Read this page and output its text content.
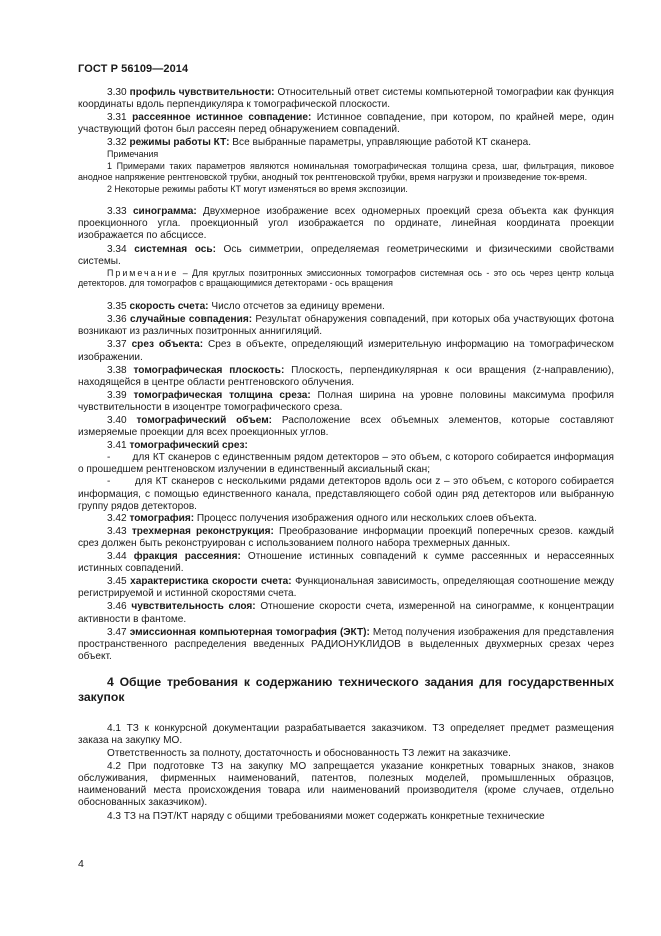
ГОСТ Р 56109—2014

3.30 профиль чувствительности: Относительный ответ системы компьютерной томографии как функция координаты вдоль перпендикуляра к томографической плоскости.

3.31 рассеянное истинное совпадение: Истинное совпадение, при котором, по крайней мере, один участвующий фотон был рассеян перед обнаружением совпадений.

3.32 режимы работы КТ: Все выбранные параметры, управляющие работой КТ сканера.

Примечания

1 Примерами таких параметров являются номинальная томографическая толщина среза, шаг, фильтрация, пиковое анодное напряжение рентгеновской трубки, анодный ток рентгеновской трубки, время нагрузки и произведение ток-время.

2 Некоторые режимы работы КТ могут изменяться во время экспозиции.

3.33 синограмма: Двухмерное изображение всех одномерных проекций среза объекта как функция проекционного угла. проекционный угол изображается по ординате, линейная координата проекции изображается по абсциссе.

3.34 системная ось: Ось симметрии, определяемая геометрическими и физическими свойствами системы.

Примечание – Для круглых позитронных эмиссионных томографов системная ось - это ось через центр кольца детекторов. для томографов с вращающимися детекторами - ось вращения

3.35 скорость счета: Число отсчетов за единицу времени.

3.36 случайные совпадения: Результат обнаружения совпадений, при которых оба участвующих фотона возникают из различных позитронных аннигиляций.

3.37 срез объекта: Срез в объекте, определяющий измерительную информацию на томографическом изображении.

3.38 томографическая плоскость: Плоскость, перпендикулярная к оси вращения (z-направлению), находящейся в центре области рентгеновского облучения.

3.39 томографическая толщина среза: Полная ширина на уровне половины максимума профиля чувствительности в изоцентре томографического среза.

3.40 томографический объем: Расположение всех объемных элементов, которые составляют измеряемые проекции для всех проекционных углов.

3.41 томографический срез:

-       для КТ сканеров с единственным рядом детекторов – это объем, с которого собирается информация о прошедшем рентгеновском излучении в единственный аксиальный скан;

-       для КТ сканеров с несколькими рядами детекторов вдоль оси z – это объем, с которого собирается информация, с помощью единственного канала, представляющего собой один ряд детекторов или выбранную группу рядов детекторов.

3.42 томография: Процесс получения изображения одного или нескольких слоев объекта.

3.43 трехмерная реконструкция: Преобразование информации проекций поперечных срезов. каждый срез должен быть реконструирован с использованием полного набора трехмерных данных.

3.44 фракция рассеяния: Отношение истинных совпадений к сумме рассеянных и нерассеянных истинных совпадений.

3.45 характеристика скорости счета: Функциональная зависимость, определяющая соотношение между регистрируемой и истинной скоростями счета.

3.46 чувствительность слоя: Отношение скорости счета, измеренной на синограмме, к концентрации активности в фантоме.

3.47 эмиссионная компьютерная томография (ЭКТ): Метод получения изображения для представления пространственного распределения введенных РАДИОНУКЛИДОВ в выделенных двухмерных срезах через объект.

4 Общие требования к содержанию технического задания для государственных закупок

4.1 ТЗ к конкурсной документации разрабатывается заказчиком. ТЗ определяет предмет размещения заказа на закупку МО.

Ответственность за полноту, достаточность и обоснованность ТЗ лежит на заказчике.

4.2 При подготовке ТЗ на закупку МО запрещается указание конкретных товарных знаков, знаков обслуживания, фирменных наименований, патентов, полезных моделей, промышленных образцов, наименований места происхождения товара или наименований производителя (кроме случаев, отдельно обоснованных заказчиком).

4.3 ТЗ на ПЭТ/КТ наряду с общими требованиями может содержать конкретные технические

4
